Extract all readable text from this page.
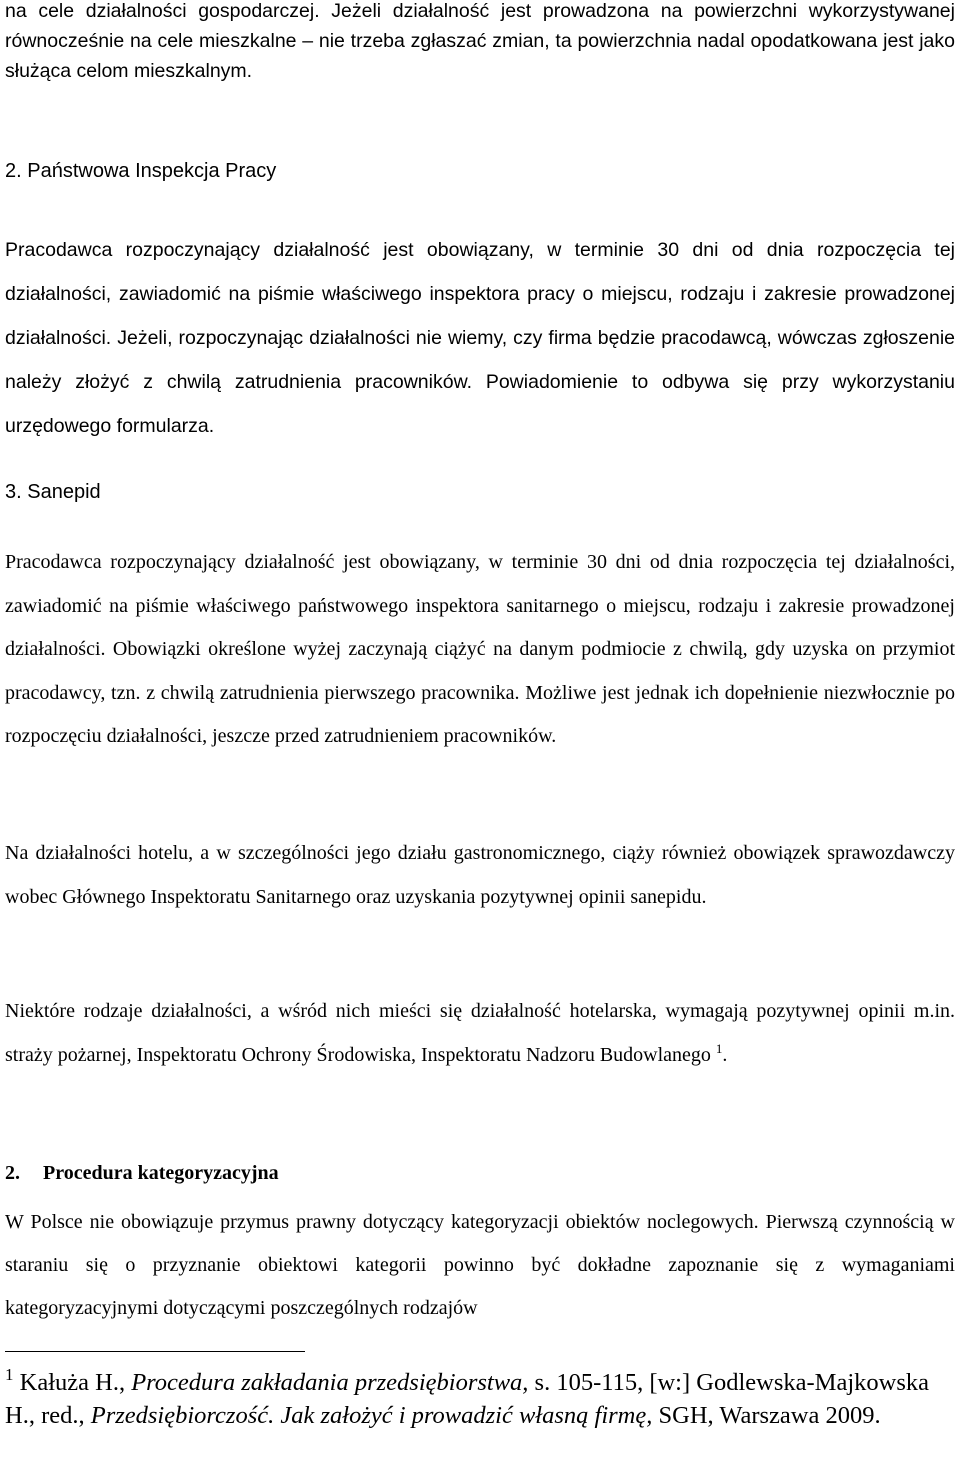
na cele działalności gospodarczej. Jeżeli działalność jest prowadzona na powierzchni wykorzystywanej równocześnie na cele mieszkalne – nie trzeba zgłaszać zmian, ta powierzchnia nadal opodatkowana jest jako służąca celom mieszkalnym.

2. Państwowa Inspekcja Pracy

Pracodawca rozpoczynający działalność jest obowiązany, w terminie 30 dni od dnia rozpoczęcia tej działalności, zawiadomić na piśmie właściwego inspektora pracy o miejscu, rodzaju i zakresie prowadzonej działalności. Jeżeli, rozpoczynając działalności nie wiemy, czy firma będzie pracodawcą, wówczas zgłoszenie należy złożyć z chwilą zatrudnienia pracowników. Powiadomienie to odbywa się przy wykorzystaniu urzędowego formularza.

3. Sanepid

Pracodawca rozpoczynający działalność jest obowiązany, w terminie 30 dni od dnia rozpoczęcia tej działalności, zawiadomić na piśmie właściwego państwowego inspektora sanitarnego o miejscu, rodzaju i zakresie prowadzonej działalności. Obowiązki określone wyżej zaczynają ciążyć na danym podmiocie z chwilą, gdy uzyska on przymiot pracodawcy, tzn. z chwilą zatrudnienia pierwszego pracownika. Możliwe jest jednak ich dopełnienie niezwłocznie po rozpoczęciu działalności, jeszcze przed zatrudnieniem pracowników.

Na działalności hotelu, a w szczególności jego działu gastronomicznego, ciąży również obowiązek sprawozdawczy wobec Głównego Inspektoratu Sanitarnego oraz uzyskania pozytywnej opinii sanepidu.

Niektóre rodzaje działalności, a wśród nich mieści się działalność hotelarska, wymagają pozytywnej opinii m.in. straży pożarnej, Inspektoratu Ochrony Środowiska, Inspektoratu Nadzoru Budowlanego $^1$.

2. Procedura kategoryzacyjna

W Polsce nie obowiązuje przymus prawny dotyczący kategoryzacji obiektów noclegowych. Pierwszą czynnością w staraniu się o przyznanie obiektowi kategorii powinno być dokładne zapoznanie się z wymaganiami kategoryzacyjnymi dotyczącymi poszczególnych rodzajów

$^1$ Kałuża H., Procedura zakładania przedsiębiorstwa, s. 105-115, [w:] Godlewska-Majkowska H., red., Przedsiębiorczość. Jak założyć i prowadzić własną firmę, SGH, Warszawa 2009.
